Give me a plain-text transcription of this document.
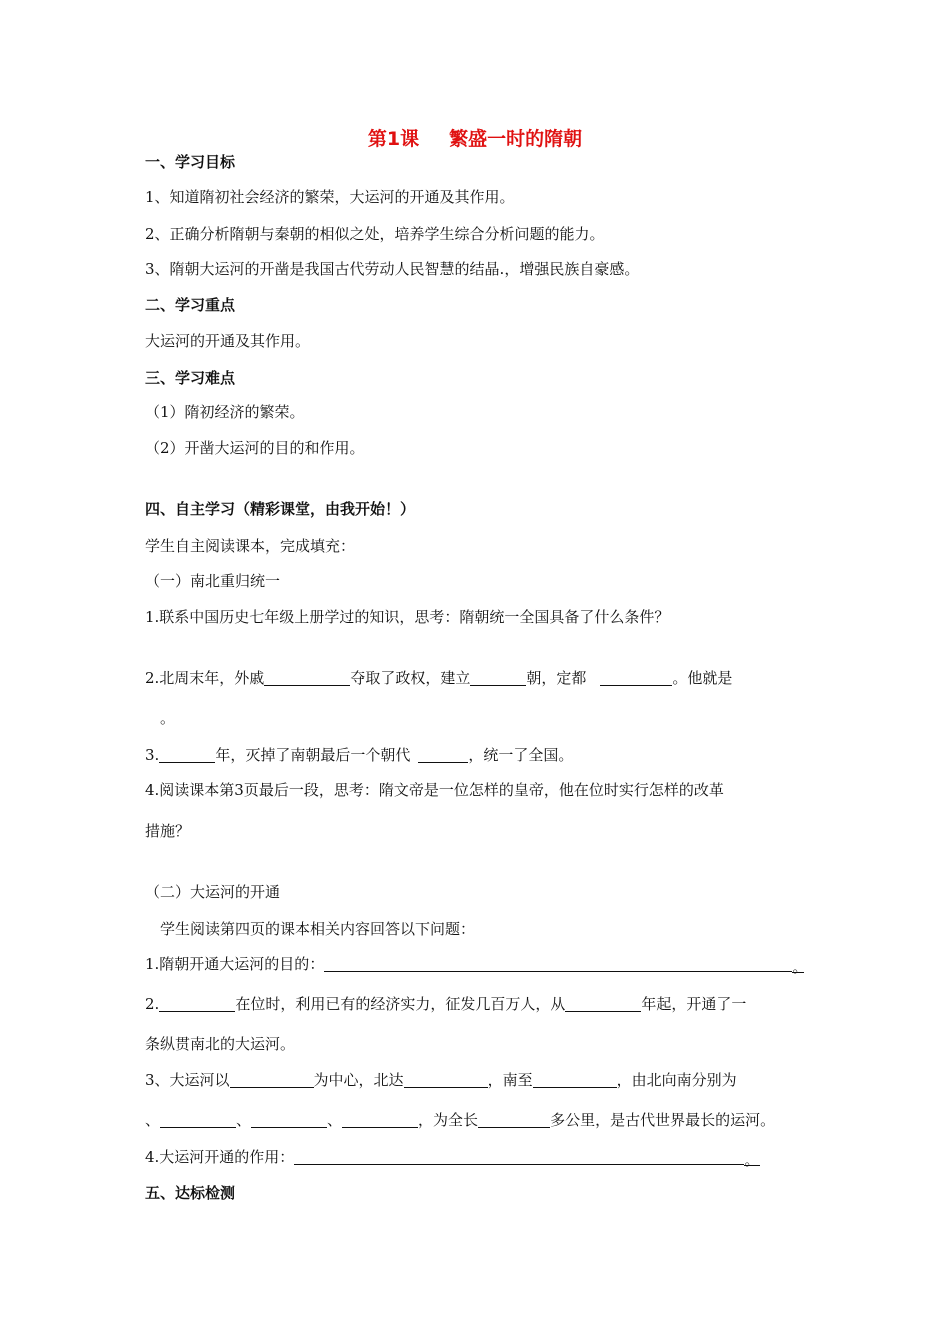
第1课 繁盛一时的隋朝
一、学习目标
1、知道隋初社会经济的繁荣，大运河的开通及其作用。
2、正确分析隋朝与秦朝的相似之处，培养学生综合分析问题的能力。
3、隋朝大运河的开凿是我国古代劳动人民智慧的结晶.，增强民族自豪感。
二、学习重点
大运河的开通及其作用。
三、学习难点
（1）隋初经济的繁荣。
（2）开凿大运河的目的和作用。
四、自主学习（精彩课堂，由我开始！）
学生自主阅读课本，完成填充：
（一）南北重归统一
1.联系中国历史七年级上册学过的知识，思考：隋朝统一全国具备了什么条件？
2.北周末年，外戚	夺取了政权，建立	朝，定都	。他就是
。
3.	年，灭掉了南朝最后一个朝代	，统一了全国。
4.阅读课本第3页最后一段，思考：隋文帝是一位怎样的皇帝，他在位时实行怎样的改革
措施？
（二）大运河的开通
学生阅读第四页的课本相关内容回答以下问题：
1.隋朝开通大运河的目的：	。
2.	在位时，利用已有的经济实力，征发几百万人，从	年起，开通了一
条纵贯南北的大运河。
3、大运河以	为中心，北达	，南至	，由北向南分别为
、	、	、	，为全长	多公里，是古代世界最长的运河。
4.大运河开通的作用：	。
五、达标检测
